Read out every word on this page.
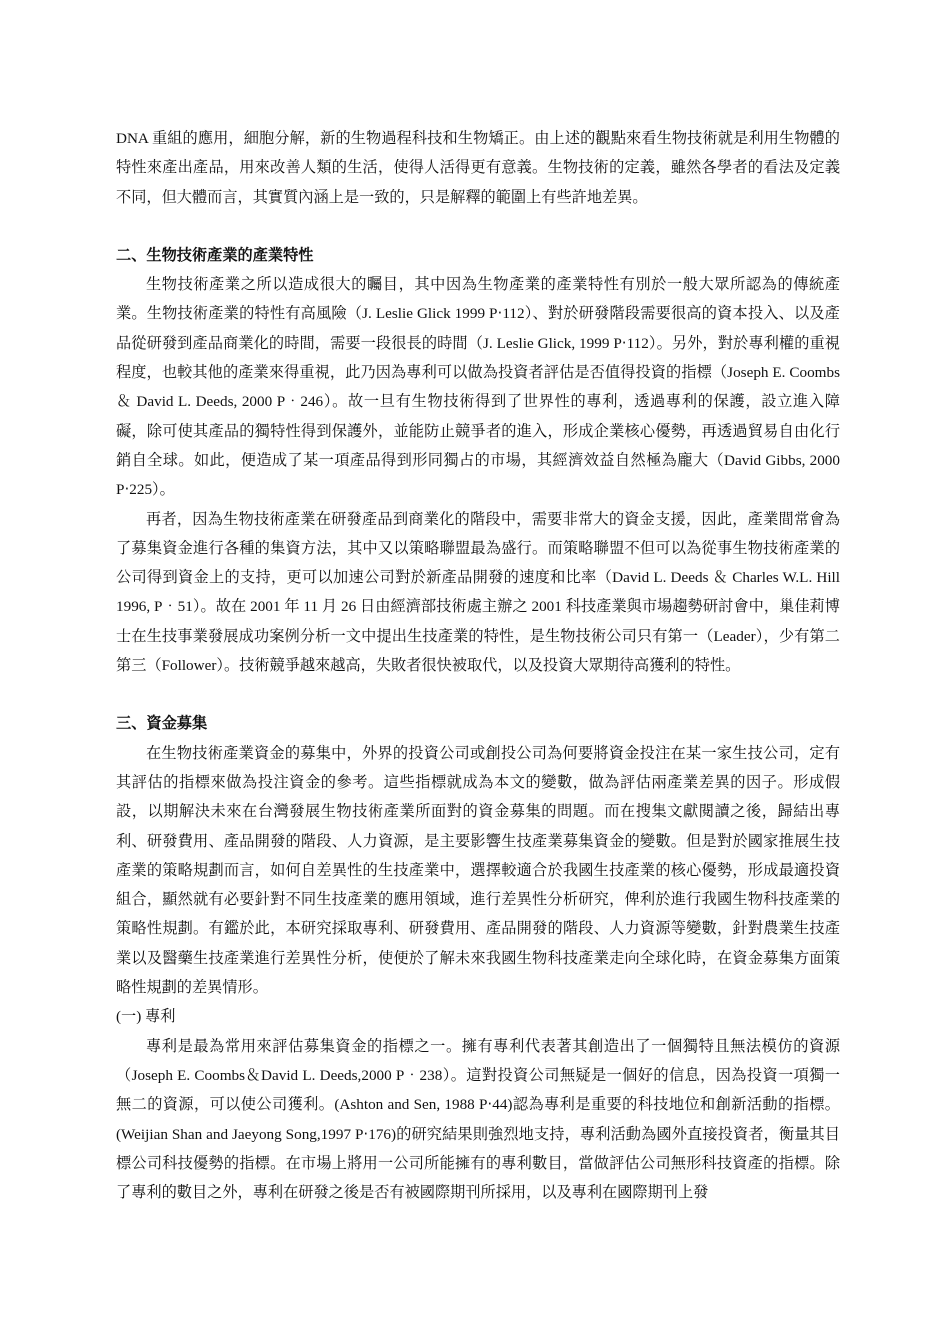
DNA 重組的應用，細胞分解，新的生物過程科技和生物矯正。由上述的觀點來看生物技術就是利用生物體的特性來產出產品，用來改善人類的生活，使得人活得更有意義。生物技術的定義，雖然各學者的看法及定義不同，但大體而言，其實質內涵上是一致的，只是解釋的範圍上有些許地差異。

二、生物技術產業的產業特性

生物技術產業之所以造成很大的矚目，其中因為生物產業的產業特性有別於一般大眾所認為的傳統產業。生物技術產業的特性有高風險（J. Leslie Glick 1999 P‧112）、對於研發階段需要很高的資本投入、以及產品從研發到產品商業化的時間，需要一段很長的時間（J. Leslie Glick, 1999 P‧112）。另外，對於專利權的重視程度，也較其他的產業來得重視，此乃因為專利可以做為投資者評估是否值得投資的指標（Joseph E. Coombs ＆ David L. Deeds, 2000 P‧246）。故一旦有生物技術得到了世界性的專利，透過專利的保護，設立進入障礙，除可使其產品的獨特性得到保護外，並能防止競爭者的進入，形成企業核心優勢，再透過貿易自由化行銷自全球。如此，便造成了某一項產品得到形同獨占的市場，其經濟效益自然極為龐大（David Gibbs, 2000 P‧225）。

再者，因為生物技術產業在研發產品到商業化的階段中，需要非常大的資金支援，因此，產業間常會為了募集資金進行各種的集資方法，其中又以策略聯盟最為盛行。而策略聯盟不但可以為從事生物技術產業的公司得到資金上的支持，更可以加速公司對於新產品開發的速度和比率（David L. Deeds ＆ Charles W.L. Hill 1996, P‧51）。故在 2001 年 11 月 26 日由經濟部技術處主辦之 2001 科技產業與市場趨勢研討會中，巢佳莉博士在生技事業發展成功案例分析一文中提出生技產業的特性，是生物技術公司只有第一（Leader），少有第二第三（Follower）。技術競爭越來越高，失敗者很快被取代，以及投資大眾期待高獲利的特性。

三、資金募集

在生物技術產業資金的募集中，外界的投資公司或創投公司為何要將資金投注在某一家生技公司，定有其評估的指標來做為投注資金的參考。這些指標就成為本文的變數，做為評估兩產業差異的因子。形成假設，以期解決未來在台灣發展生物技術產業所面對的資金募集的問題。而在搜集文獻閱讀之後，歸結出專利、研發費用、產品開發的階段、人力資源，是主要影響生技產業募集資金的變數。但是對於國家推展生技產業的策略規劃而言，如何自差異性的生技產業中，選擇較適合於我國生技產業的核心優勢，形成最適投資組合，顯然就有必要針對不同生技產業的應用領域，進行差異性分析研究，俾利於進行我國生物科技產業的策略性規劃。有鑑於此，本研究採取專利、研發費用、產品開發的階段、人力資源等變數，針對農業生技產業以及醫藥生技產業進行差異性分析，使便於了解未來我國生物科技產業走向全球化時，在資金募集方面策略性規劃的差異情形。

(一) 專利

專利是最為常用來評估募集資金的指標之一。擁有專利代表著其創造出了一個獨特且無法模仿的資源（Joseph E. Coombs＆David L. Deeds,2000 P‧238）。這對投資公司無疑是一個好的信息，因為投資一項獨一無二的資源，可以使公司獲利。(Ashton and Sen, 1988 P‧44)認為專利是重要的科技地位和創新活動的指標。(Weijian Shan and Jaeyong Song,1997 P‧176)的研究結果則強烈地支持，專利活動為國外直接投資者，衡量其目標公司科技優勢的指標。在市場上將用一公司所能擁有的專利數目，當做評估公司無形科技資產的指標。除了專利的數目之外，專利在研發之後是否有被國際期刊所採用，以及專利在國際期刊上發
